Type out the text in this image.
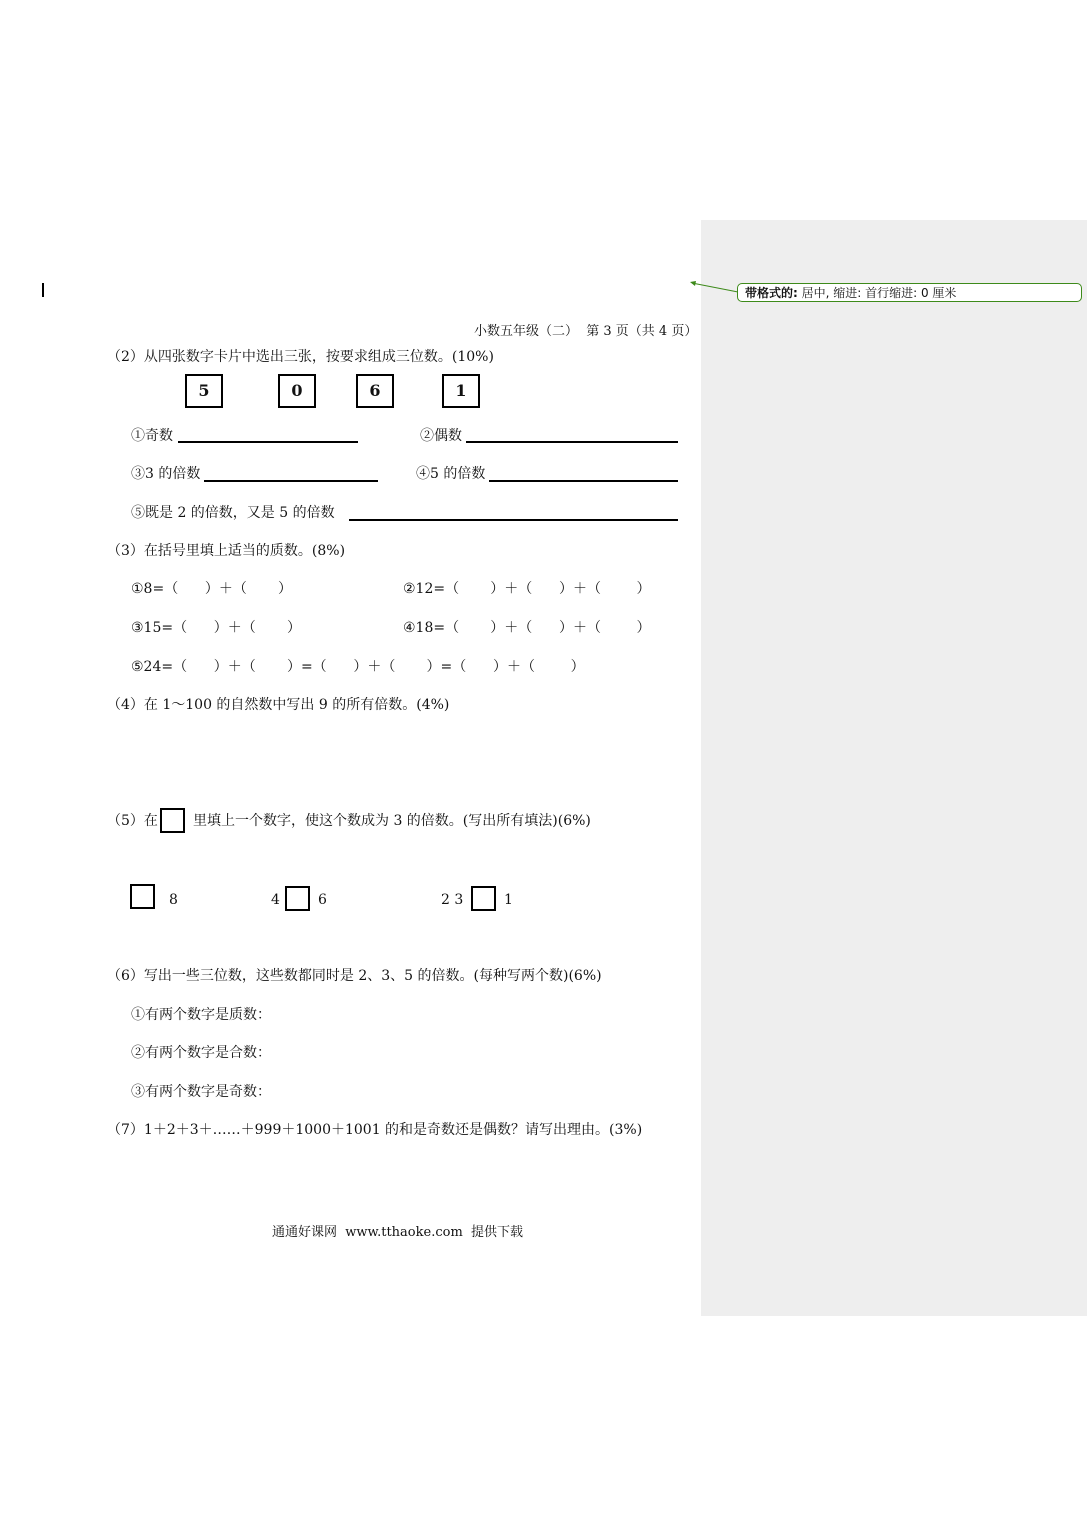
带格式的: 居中, 缩进: 首行缩进: 0 厘米
小数五年级（二）  第 3 页（共 4 页）
（2）从四张数字卡片中选出三张，按要求组成三位数。(10%)
5	0	6	1
①奇数	②偶数
③3 的倍数	④5 的倍数
⑤既是 2 的倍数，又是 5 的倍数
（3）在括号里填上适当的质数。(8%)
①8=（      ）＋（       ）	②12=（       ）＋（      ）＋（        ）
③15=（      ）＋（       ）	④18=（       ）＋（      ）＋（        ）
⑤24=（      ）＋（       ）=（      ）＋（       ）=（      ）＋（        ）
（4）在 1～100 的自然数中写出 9 的所有倍数。(4%)
（5）在	里填上一个数字，使这个数成为 3 的倍数。(写出所有填法)(6%)
8	4	6	2 3	1
（6）写出一些三位数，这些数都同时是 2、3、5 的倍数。(每种写两个数)(6%)
①有两个数字是质数：
②有两个数字是合数：
③有两个数字是奇数：
（7）1＋2＋3＋……＋999＋1000＋1001 的和是奇数还是偶数？请写出理由。(3%)
通通好课网  www.tthaoke.com  提供下载
